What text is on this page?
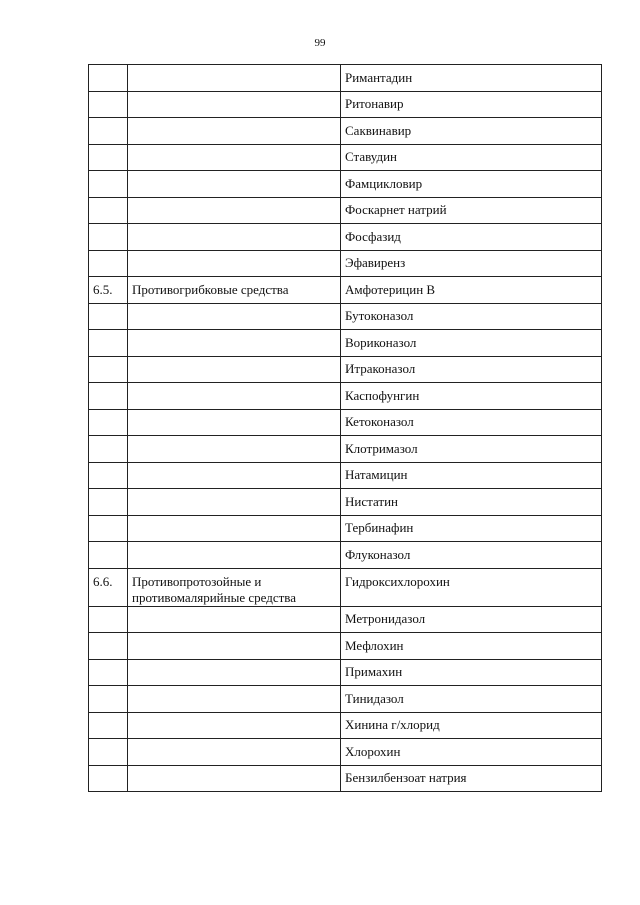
99
		Римантадин
		Ритонавир
		Саквинавир
		Ставудин
		Фамцикловир
		Фоскарнет натрий
		Фосфазид
		Эфавиренз
6.5.	Противогрибковые средства	Амфотерицин В
		Бутоконазол
		Вориконазол
		Итраконазол
		Каспофунгин
		Кетоконазол
		Клотримазол
		Натамицин
		Нистатин
		Тербинафин
		Флуконазол
6.6.	Противопротозойные и противомалярийные средства	Гидроксихлорохин
		Метронидазол
		Мефлохин
		Примахин
		Тинидазол
		Хинина г/хлорид
		Хлорохин
		Бензилбензоат натрия
